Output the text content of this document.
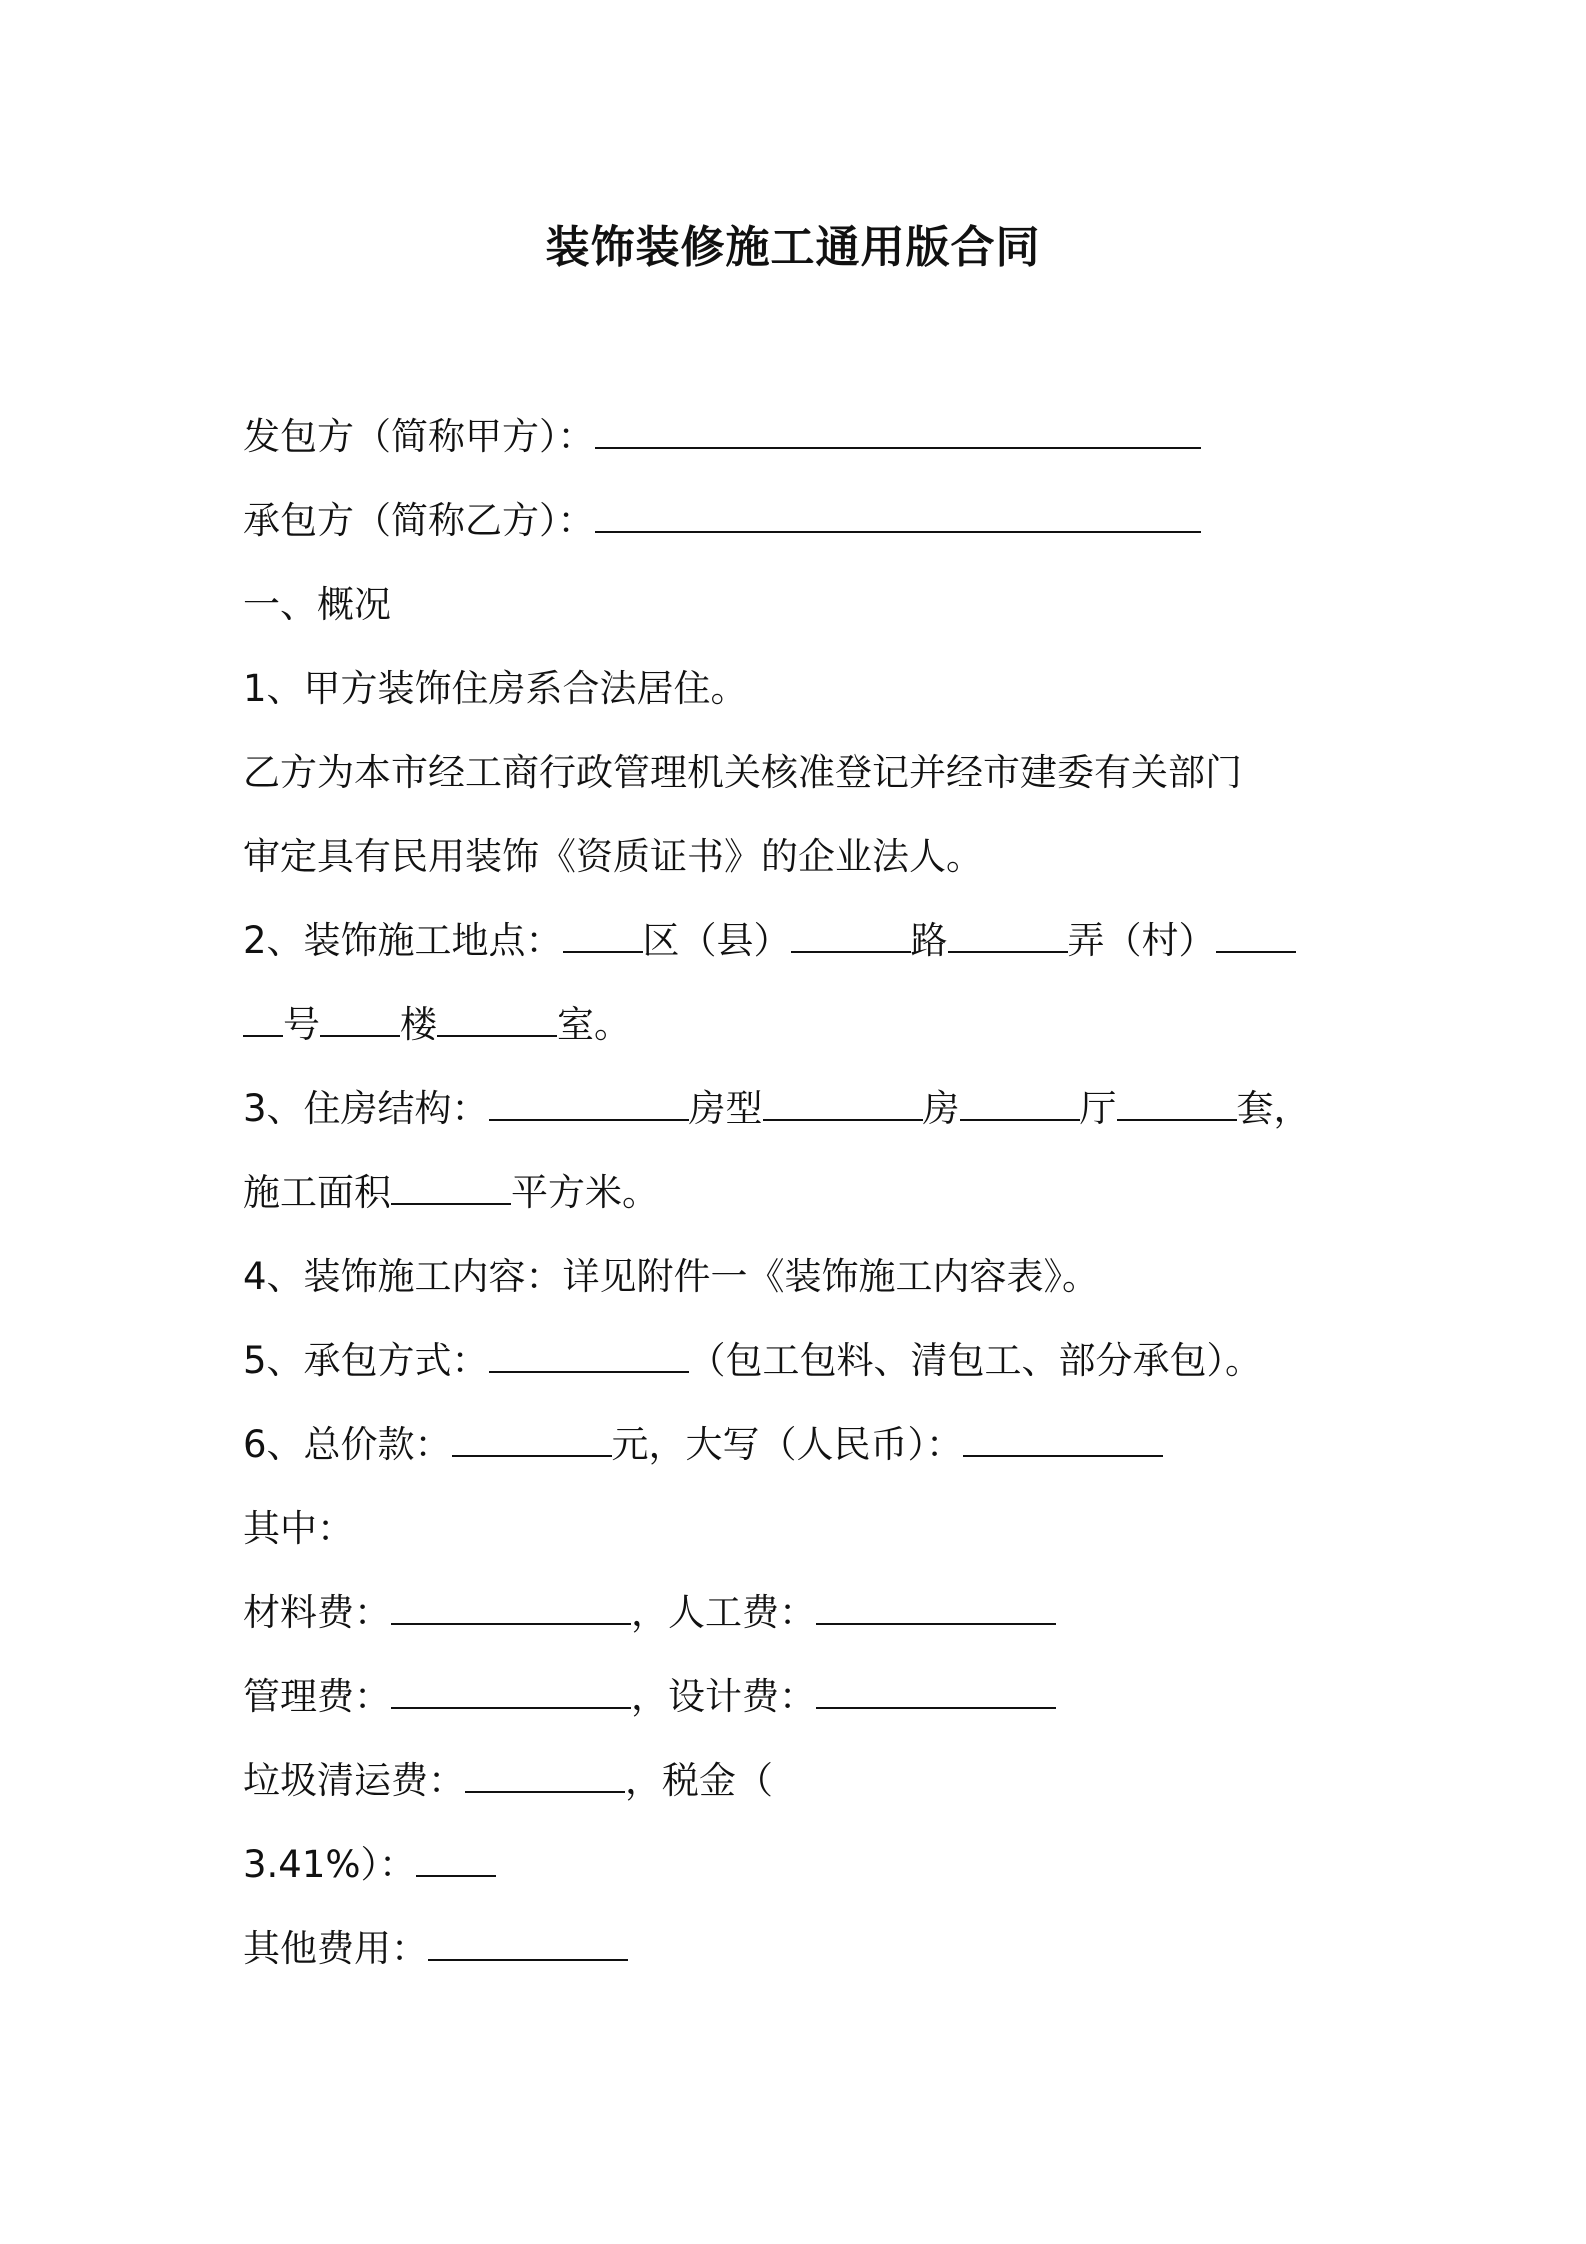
装饰装修施工通用版合同
发包方（简称甲方）：
承包方（简称乙方）：
一、概况
1、甲方装饰住房系合法居住。
乙方为本市经工商行政管理机关核准登记并经市建委有关部门
审定具有民用装饰《资质证书》的企业法人。
2、装饰施工地点： 区（县）	路	弄（村）
号 楼	室。
3、住房结构：	房型	房	厅	套，
施工面积	平方米。
4、装饰施工内容：详见附件一《装饰施工内容表》。
5、承包方式：	（包工包料、清包工、部分承包）。
6、总价款：	元，大写（人民币）：
其中：
材料费：	，人工费：
管理费：	，设计费：
垃圾清运费：	，税金（
3.41%）：
其他费用：
